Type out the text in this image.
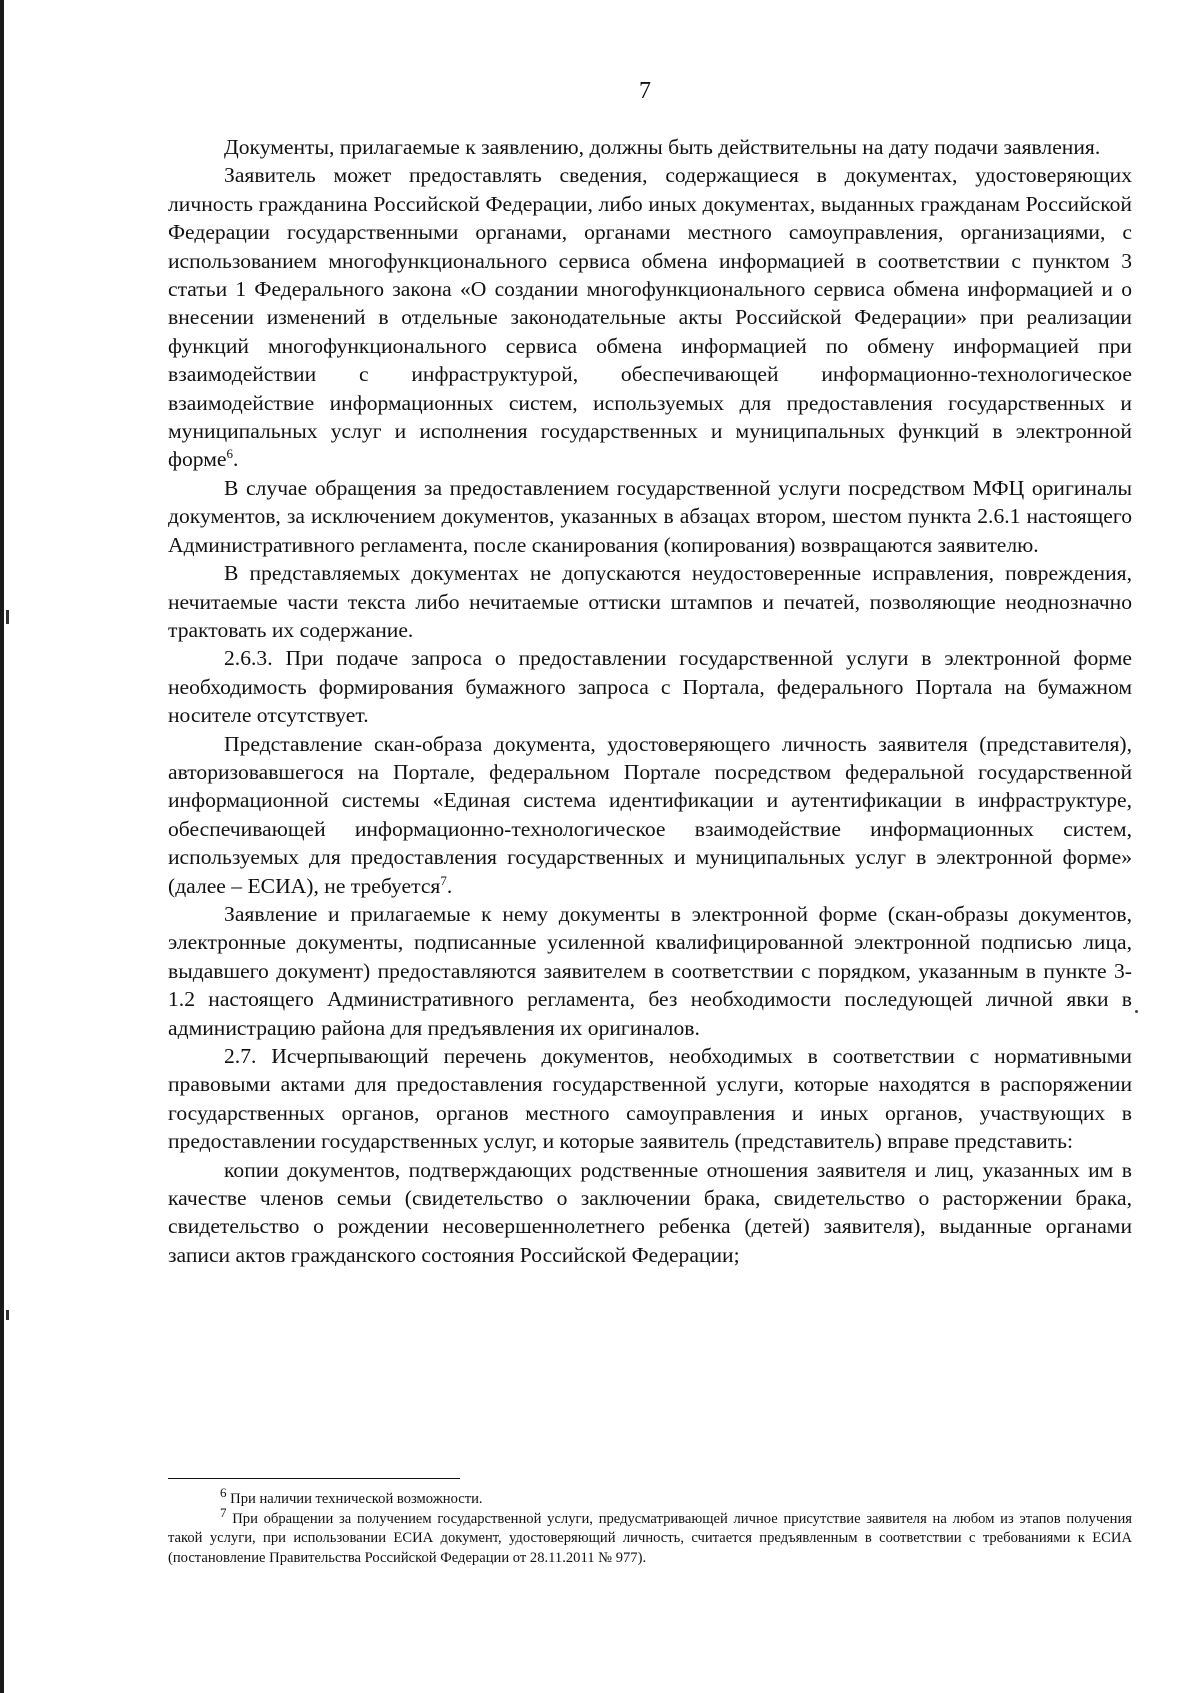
7

Документы, прилагаемые к заявлению, должны быть действительны на дату подачи заявления.

Заявитель может предоставлять сведения, содержащиеся в документах, удостоверяющих личность гражданина Российской Федерации, либо иных документах, выданных гражданам Российской Федерации государственными органами, органами местного самоуправления, организациями, с использованием многофункционального сервиса обмена информацией в соответствии с пунктом 3 статьи 1 Федерального закона «О создании многофункционального сервиса обмена информацией и о внесении изменений в отдельные законодательные акты Российской Федерации» при реализации функций многофункционального сервиса обмена информацией по обмену информацией при взаимодействии с инфраструктурой, обеспечивающей информационно-технологическое взаимодействие информационных систем, используемых для предоставления государственных и муниципальных услуг и исполнения государственных и муниципальных функций в электронной форме$^6$.

В случае обращения за предоставлением государственной услуги посредством МФЦ оригиналы документов, за исключением документов, указанных в абзацах втором, шестом пункта 2.6.1 настоящего Административного регламента, после сканирования (копирования) возвращаются заявителю.

В представляемых документах не допускаются неудостоверенные исправления, повреждения, нечитаемые части текста либо нечитаемые оттиски штампов и печатей, позволяющие неоднозначно трактовать их содержание.

2.6.3. При подаче запроса о предоставлении государственной услуги в электронной форме необходимость формирования бумажного запроса с Портала, федерального Портала на бумажном носителе отсутствует.

Представление скан-образа документа, удостоверяющего личность заявителя (представителя), авторизовавшегося на Портале, федеральном Портале посредством федеральной государственной информационной системы «Единая система идентификации и аутентификации в инфраструктуре, обеспечивающей информационно-технологическое взаимодействие информационных систем, используемых для предоставления государственных и муниципальных услуг в электронной форме» (далее – ЕСИА), не требуется$^7$.

Заявление и прилагаемые к нему документы в электронной форме (скан-образы документов, электронные документы, подписанные усиленной квалифицированной электронной подписью лица, выдавшего документ) предоставляются заявителем в соответствии с порядком, указанным в пункте 3-1.2 настоящего Административного регламента, без необходимости последующей личной явки в администрацию района для предъявления их оригиналов.

2.7. Исчерпывающий перечень документов, необходимых в соответствии с нормативными правовыми актами для предоставления государственной услуги, которые находятся в распоряжении государственных органов, органов местного самоуправления и иных органов, участвующих в предоставлении государственных услуг, и которые заявитель (представитель) вправе представить:

копии документов, подтверждающих родственные отношения заявителя и лиц, указанных им в качестве членов семьи (свидетельство о заключении брака, свидетельство о расторжении брака, свидетельство о рождении несовершеннолетнего ребенка (детей) заявителя), выданные органами записи актов гражданского состояния Российской Федерации;

$^6$ При наличии технической возможности.

$^7$ При обращении за получением государственной услуги, предусматривающей личное присутствие заявителя на любом из этапов получения такой услуги, при использовании ЕСИА документ, удостоверяющий личность, считается предъявленным в соответствии с требованиями к ЕСИА (постановление Правительства Российской Федерации от 28.11.2011 № 977).
